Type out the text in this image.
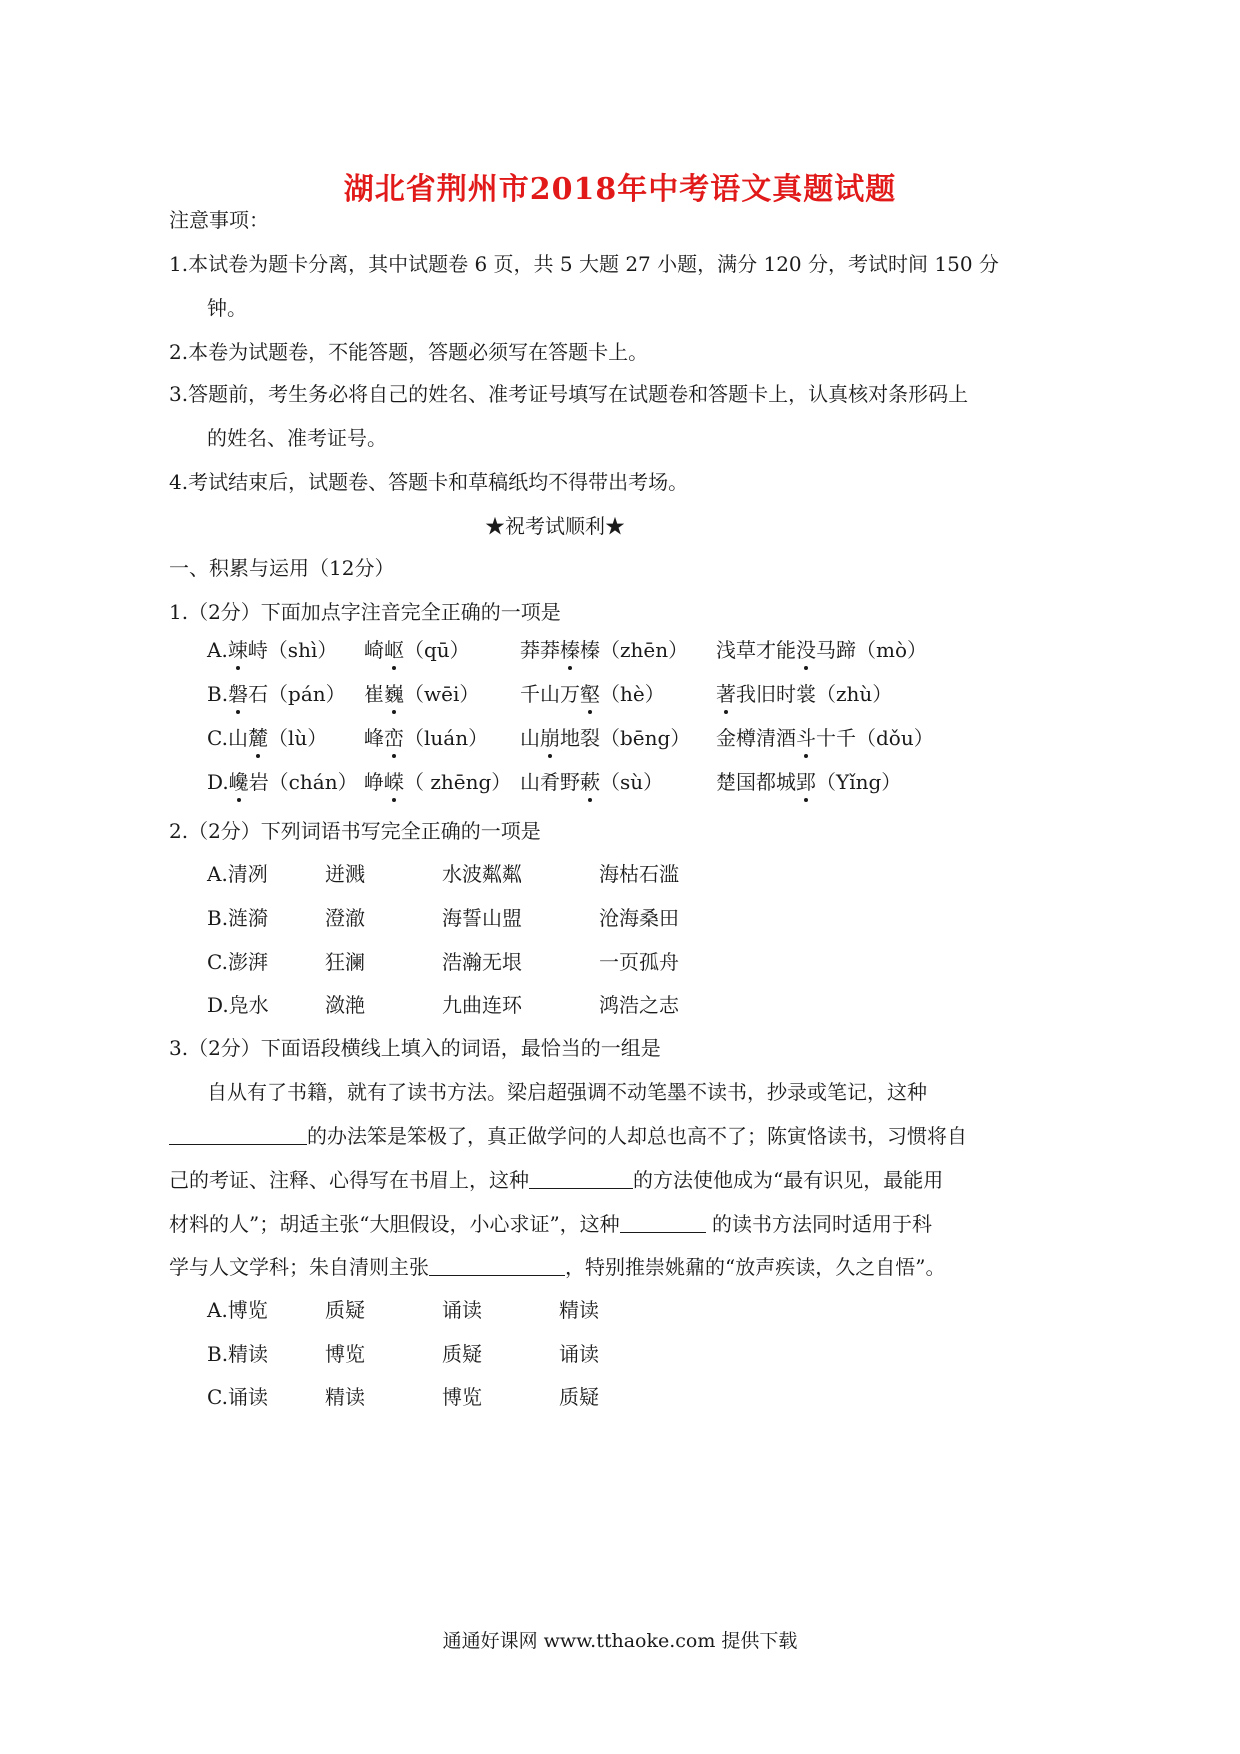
湖北省荆州市2018年中考语文真题试题
注意事项：
1.本试卷为题卡分离，其中试题卷 6 页，共 5 大题 27 小题，满分 120 分，考试时间 150 分
钟。
2.本卷为试题卷，不能答题，答题必须写在答题卡上。
3.答题前，考生务必将自己的姓名、准考证号填写在试题卷和答题卡上，认真核对条形码上
的姓名、准考证号。
4.考试结束后，试题卷、答题卡和草稿纸均不得带出考场。
★祝考试顺利★
一、积累与运用（12分）
1.（2分）下面加点字注音完全正确的一项是
A.竦峙（shì） 崎岖（qū）	莽莽榛榛（zhēn） 浅草才能没马蹄（mò）
B.磐石（pán） 崔巍（wēi） 千山万壑（hè）	著我旧时裳（zhù）
C.山麓（lù） 峰峦（luán） 山崩地裂（bēng） 金樽清酒斗十千（dǒu）
D.巉岩（chán） 峥嵘（ zhēng） 山肴野蔌（sù）	楚国都城郢（Yǐng）
2.（2分）下列词语书写完全正确的一项是
A.清冽	迸溅	水波粼粼	海枯石滥
B.涟漪	澄澈	海誓山盟	沧海桑田
C.澎湃	狂澜	浩瀚无垠	一页孤舟
D.凫水	潋滟	九曲连环	鸿浩之志
3.（2分）下面语段横线上填入的词语，最恰当的一组是
自从有了书籍，就有了读书方法。梁启超强调不动笔墨不读书，抄录或笔记，这种
的办法笨是笨极了，真正做学问的人却总也高不了；陈寅恪读书，习惯将自
己的考证、注释、心得写在书眉上，这种	的方法使他成为“最有识见，最能用
材料的人”；胡适主张“大胆假设，小心求证”，这种	的读书方法同时适用于科
学与人文学科；朱自清则主张	，特别推崇姚鼐的“放声疾读，久之自悟”。
A.博览	质疑	诵读	精读
B.精读	博览	质疑	诵读
C.诵读	精读	博览	质疑
通通好课网 www.tthaoke.com 提供下载
